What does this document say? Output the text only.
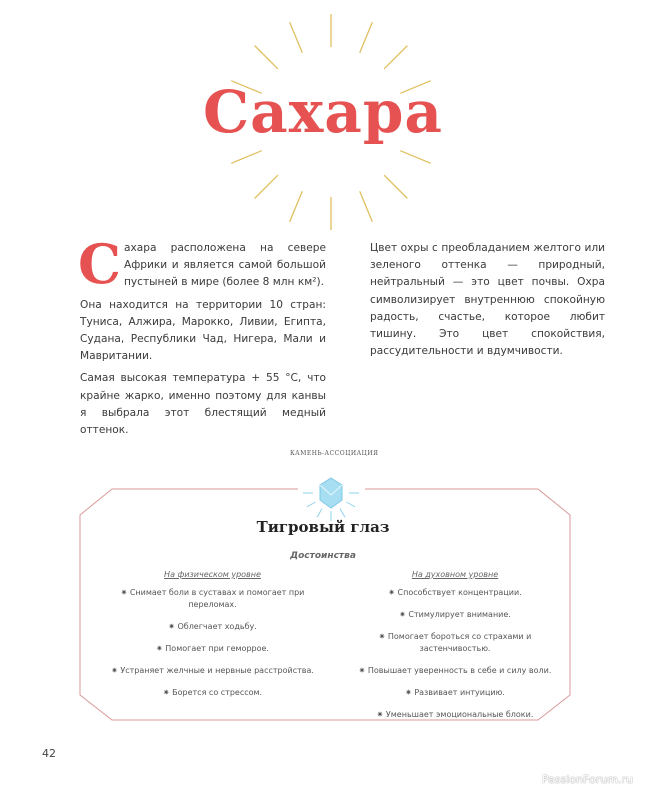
Сахара

Сахара расположена на севере Африки и является самой большой пустыней в мире (более 8 млн км²).

Она находится на территории 10 стран: Туниса, Алжира, Марокко, Ливии, Египта, Судана, Республики Чад, Нигера, Мали и Мавритании.

Самая высокая температура + 55 °С, что крайне жарко, именно поэтому для канвы я выбрала этот блестящий медный оттенок.

Цвет охры с преобладанием желтого или зеленого оттенка — природный, нейтральный — это цвет почвы. Охра символизирует внутреннюю спокойную радость, счастье, которое любит тишину. Это цвет спокойствия, рассудительности и вдумчивости.

КАМЕНЬ-АССОЦИАЦИЯ
Тигровый глаз
Достоинства
На физическом уровне
✷ Снимает боли в суставах и помогает при переломах.
✷ Облегчает ходьбу.
✷ Помогает при геморрое.
✷ Устраняет желчные и нервные расстройства.
✷ Борется со стрессом.
На духовном уровне
✷ Способствует концентрации.
✷ Стимулирует внимание.
✷ Помогает бороться со страхами и застенчивостью.
✷ Повышает уверенность в себе и силу воли.
✷ Развивает интуицию.
✷ Уменьшает эмоциональные блоки.
42
PassionForum.ru
